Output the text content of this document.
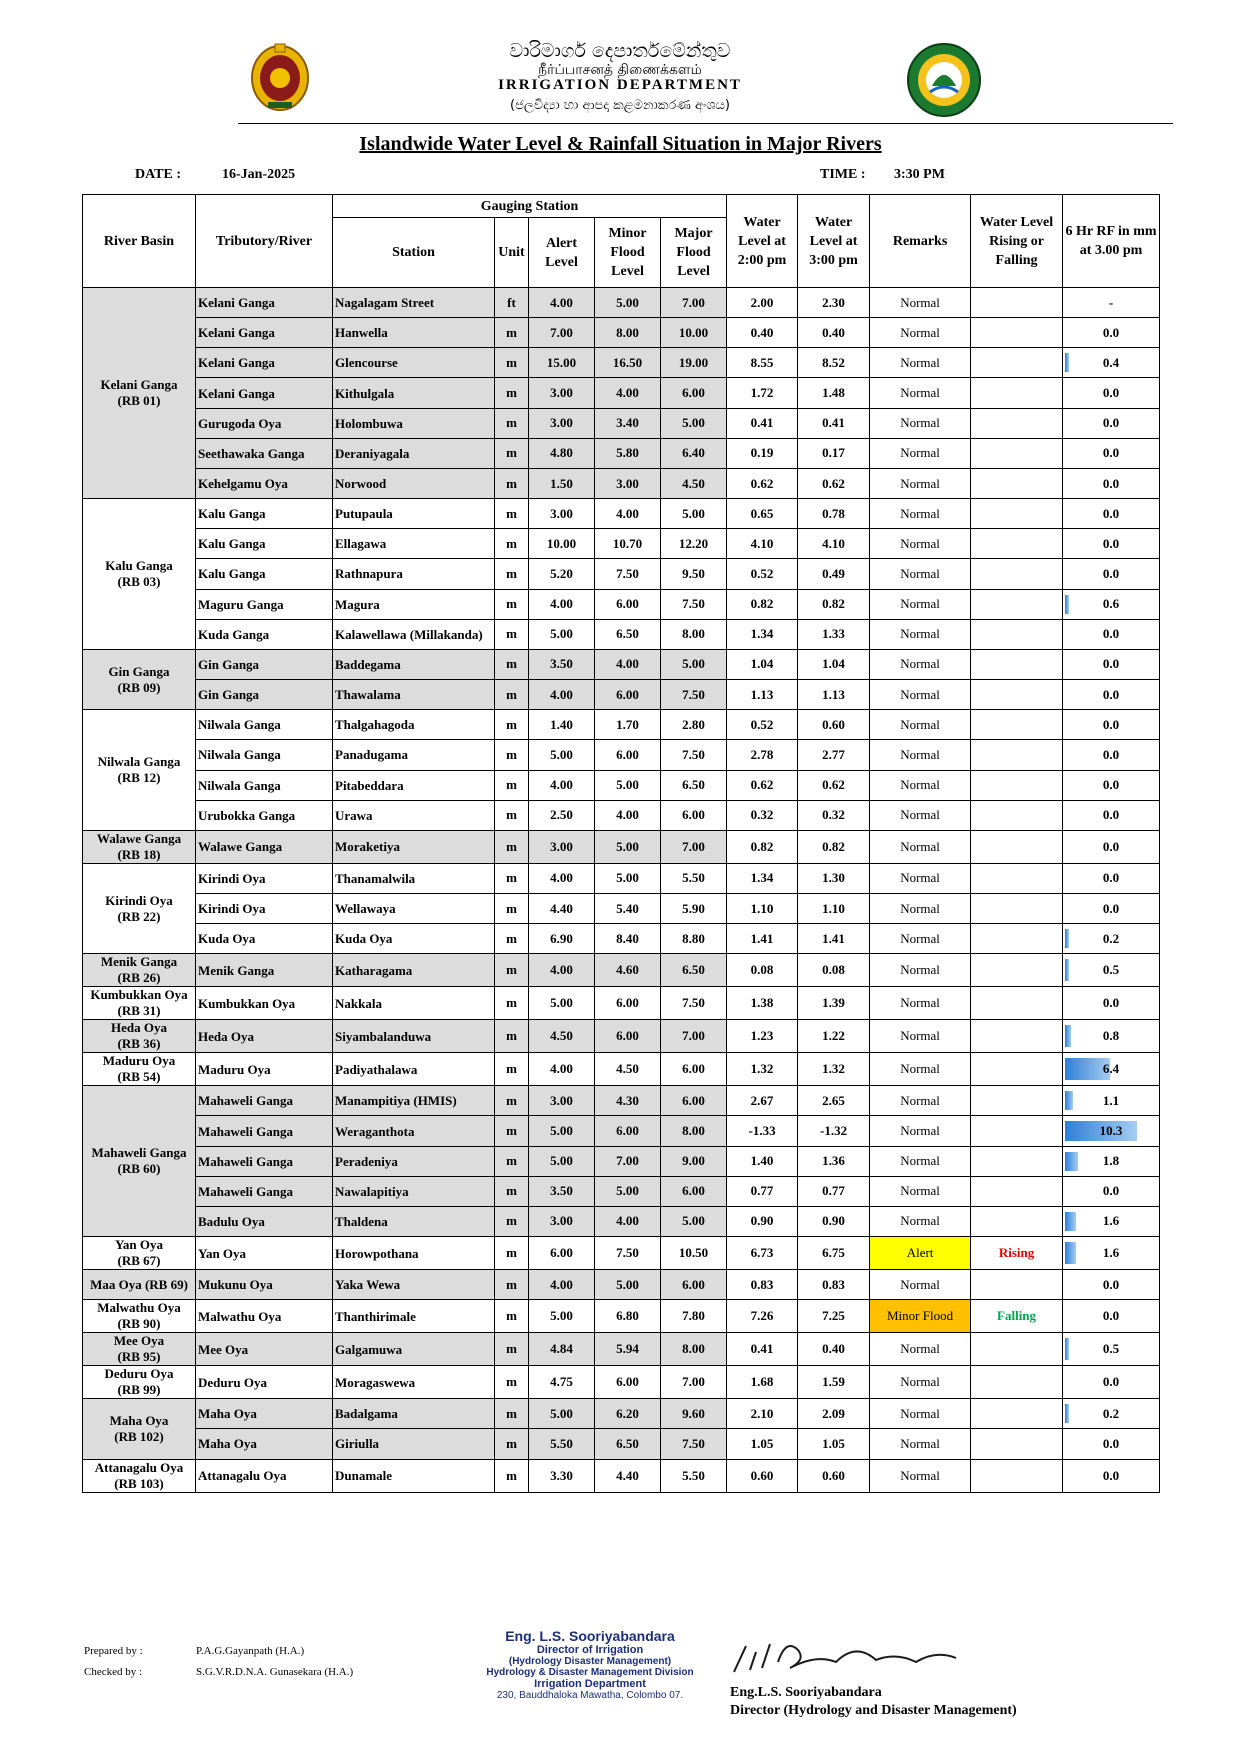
වාරිමාර්ග දෙපාර්තමේන්තුව
நீர்ப்பாசனத் திணைக்களம்
IRRIGATION DEPARTMENT
(ජලවිද්‍යා හා ආපදා කළමනාකරණ අංශය)
Islandwide Water Level & Rainfall Situation in Major Rivers
DATE :	16-Jan-2025	TIME : 3:30 PM
River Basin	Tributory/River	Gauging Station					Water Level at 2:00 pm	Water Level at 3:00 pm	Remarks	Water Level Rising or Falling	6 Hr RF in mm at 3.00 pm
		Station	Unit	Alert Level	Minor Flood Level	Major Flood Level					

Kelani Ganga
(RB 01)	Kelani Ganga	Nagalagam Street	ft	4.00	5.00	7.00	2.00	2.30	Normal		-
	Kelani Ganga	Hanwella	m	7.00	8.00	10.00	0.40	0.40	Normal		0.0
	Kelani Ganga	Glencourse	m	15.00	16.50	19.00	8.55	8.52	Normal		0.4
	Kelani Ganga	Kithulgala	m	3.00	4.00	6.00	1.72	1.48	Normal		0.0
	Gurugoda Oya	Holombuwa	m	3.00	3.40	5.00	0.41	0.41	Normal		0.0
	Seethawaka Ganga	Deraniyagala	m	4.80	5.80	6.40	0.19	0.17	Normal		0.0
	Kehelgamu Oya	Norwood	m	1.50	3.00	4.50	0.62	0.62	Normal		0.0

Kalu Ganga
(RB 03)	Kalu Ganga	Putupaula	m	3.00	4.00	5.00	0.65	0.78	Normal		0.0
	Kalu Ganga	Ellagawa	m	10.00	10.70	12.20	4.10	4.10	Normal		0.0
	Kalu Ganga	Rathnapura	m	5.20	7.50	9.50	0.52	0.49	Normal		0.0
	Maguru Ganga	Magura	m	4.00	6.00	7.50	0.82	0.82	Normal		0.6
	Kuda Ganga	Kalawellawa (Millakanda)	m	5.00	6.50	8.00	1.34	1.33	Normal		0.0

Gin Ganga
(RB 09)	Gin Ganga	Baddegama	m	3.50	4.00	5.00	1.04	1.04	Normal		0.0
	Gin Ganga	Thawalama	m	4.00	6.00	7.50	1.13	1.13	Normal		0.0

Nilwala Ganga
(RB 12)	Nilwala Ganga	Thalgahagoda	m	1.40	1.70	2.80	0.52	0.60	Normal		0.0
	Nilwala Ganga	Panadugama	m	5.00	6.00	7.50	2.78	2.77	Normal		0.0
	Nilwala Ganga	Pitabeddara	m	4.00	5.00	6.50	0.62	0.62	Normal		0.0
	Urubokka Ganga	Urawa	m	2.50	4.00	6.00	0.32	0.32	Normal		0.0

Walawe Ganga
(RB 18)	Walawe Ganga	Moraketiya	m	3.00	5.00	7.00	0.82	0.82	Normal		0.0

Kirindi Oya
(RB 22)	Kirindi Oya	Thanamalwila	m	4.00	5.00	5.50	1.34	1.30	Normal		0.0
	Kirindi Oya	Wellawaya	m	4.40	5.40	5.90	1.10	1.10	Normal		0.0
	Kuda Oya	Kuda Oya	m	6.90	8.40	8.80	1.41	1.41	Normal		0.2

Menik Ganga
(RB 26)	Menik Ganga	Katharagama	m	4.00	4.60	6.50	0.08	0.08	Normal		0.5

Kumbukkan Oya
(RB 31)	Kumbukkan Oya	Nakkala	m	5.00	6.00	7.50	1.38	1.39	Normal		0.0

Heda Oya
(RB 36)	Heda Oya	Siyambalanduwa	m	4.50	6.00	7.00	1.23	1.22	Normal		0.8

Maduru Oya
(RB 54)	Maduru Oya	Padiyathalawa	m	4.00	4.50	6.00	1.32	1.32	Normal		6.4

Mahaweli Ganga
(RB 60)	Mahaweli Ganga	Manampitiya (HMIS)	m	3.00	4.30	6.00	2.67	2.65	Normal		1.1
	Mahaweli Ganga	Weraganthota	m	5.00	6.00	8.00	-1.33	-1.32	Normal		10.3
	Mahaweli Ganga	Peradeniya	m	5.00	7.00	9.00	1.40	1.36	Normal		1.8
	Mahaweli Ganga	Nawalapitiya	m	3.50	5.00	6.00	0.77	0.77	Normal		0.0
	Badulu Oya	Thaldena	m	3.00	4.00	5.00	0.90	0.90	Normal		1.6

Yan Oya
(RB 67)	Yan Oya	Horowpothana	m	6.00	7.50	10.50	6.73	6.75	Alert	Rising	1.6

Maa Oya (RB 69)	Mukunu Oya	Yaka Wewa	m	4.00	5.00	6.00	0.83	0.83	Normal		0.0

Malwathu Oya
(RB 90)	Malwathu Oya	Thanthirimale	m	5.00	6.80	7.80	7.26	7.25	Minor Flood	Falling	0.0

Mee Oya
(RB 95)	Mee Oya	Galgamuwa	m	4.84	5.94	8.00	0.41	0.40	Normal		0.5

Deduru Oya
(RB 99)	Deduru Oya	Moragaswewa	m	4.75	6.00	7.00	1.68	1.59	Normal		0.0

Maha Oya
(RB 102)	Maha Oya	Badalgama	m	5.00	6.20	9.60	2.10	2.09	Normal		0.2
	Maha Oya	Giriulla	m	5.50	6.50	7.50	1.05	1.05	Normal		0.0

Attanagalu Oya
(RB 103)	Attanagalu Oya	Dunamale	m	3.30	4.40	5.50	0.60	0.60	Normal		0.0
Prepared by :	P.A.G.Gayanpath (H.A.)
Checked by :	S.G.V.R.D.N.A. Gunasekara (H.A.)
Eng. L.S. Sooriyabandara
Director of Irrigation
(Hydrology Disaster Management)
Hydrology & Disaster Management Division
Irrigation Department
230, Bauddhaloka Mawatha, Colombo 07.	Eng.L.S. Sooriyabandara
Director (Hydrology and Disaster Management)
